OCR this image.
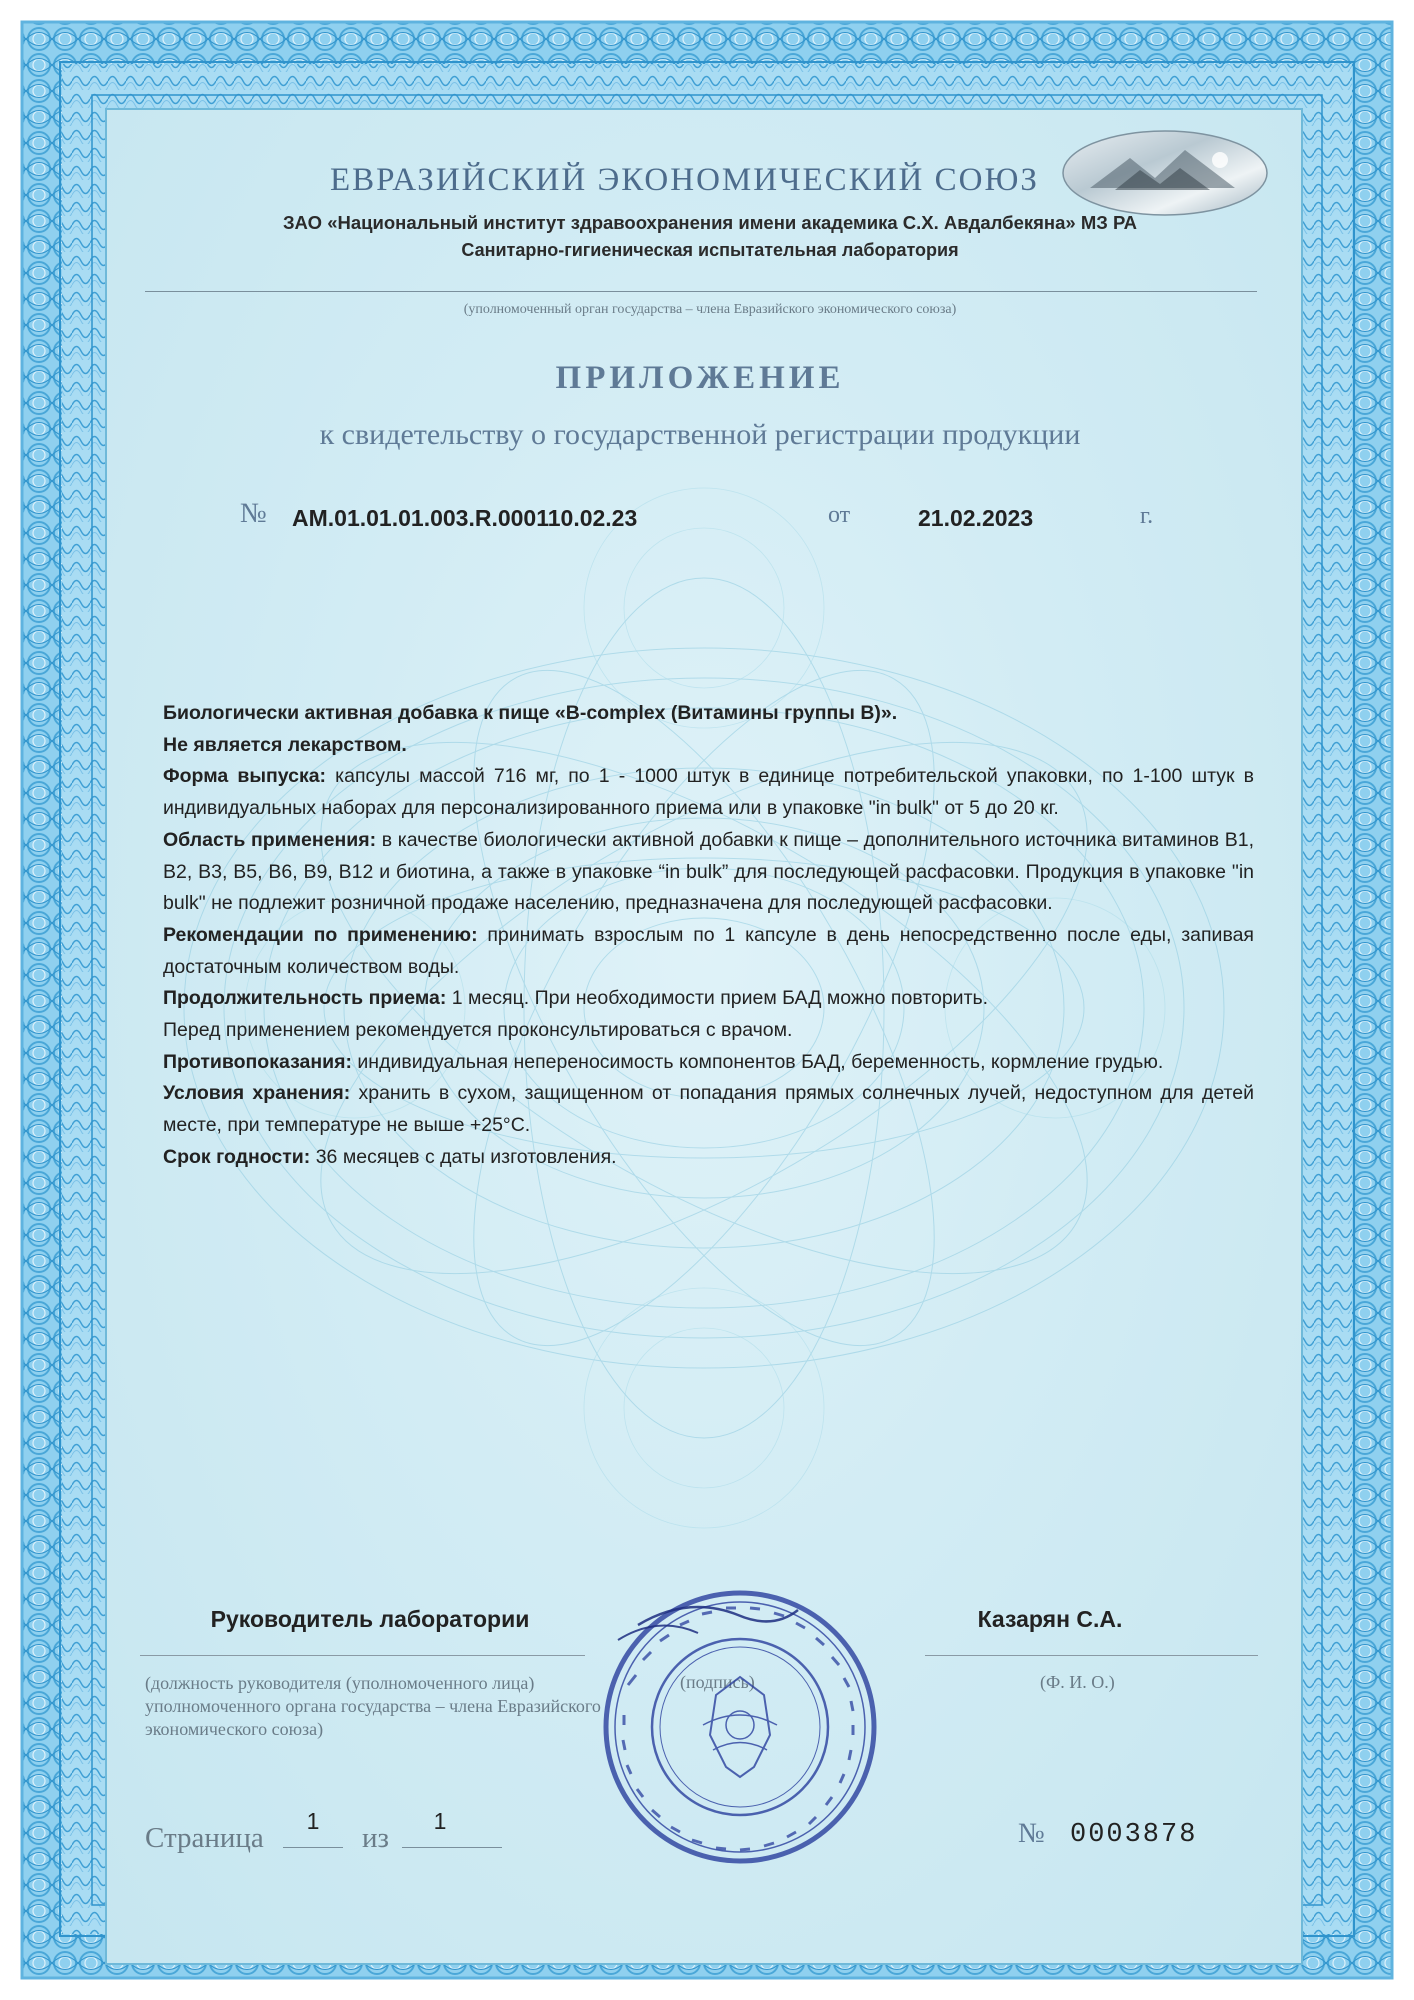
ЕВРАЗИЙСКИЙ ЭКОНОМИЧЕСКИЙ СОЮЗ
ЗАО «Национальный институт здравоохранения имени академика С.Х. Авдалбекяна» МЗ РА
Санитарно-гигиеническая испытательная лаборатория
(уполномоченный орган государства – члена Евразийского экономического союза)
ПРИЛОЖЕНИЕ
к свидетельству о государственной регистрации продукции
№ AM.01.01.01.003.R.000110.02.23	от	21.02.2023	г.

Биологически активная добавка к пище «B-complex (Витамины группы В)».

Не является лекарством.

Форма выпуска: капсулы массой 716 мг, по 1 - 1000 штук в единице потребительской упаковки, по 1-100 штук в индивидуальных наборах для персонализированного приема или в упаковке "in bulk" от 5 до 20 кг.

Область применения: в качестве биологически активной добавки к пище – дополнительного источника витаминов В1, В2, В3, В5, В6, В9, В12 и биотина, а также в упаковке “in bulk” для последующей расфасовки. Продукция в упаковке "in bulk" не подлежит розничной продаже населению, предназначена для последующей расфасовки.

Рекомендации по применению: принимать взрослым по 1 капсуле в день непосредственно после еды, запивая достаточным количеством воды.

Продолжительность приема: 1 месяц. При необходимости прием БАД можно повторить.

Перед применением рекомендуется проконсультироваться с врачом.

Противопоказания: индивидуальная непереносимость компонентов БАД, беременность, кормление грудью.

Условия хранения: хранить в сухом, защищенном от попадания прямых солнечных лучей, недоступном для детей месте, при температуре не выше +25°С.

Срок годности: 36 месяцев с даты изготовления.

Руководитель лаборатории	Казарян С.А.
(должность руководителя (уполномоченного лица) уполномоченного органа государства – члена Евразийского экономического союза)
(подпись)	(Ф. И. О.)
Страница
1
из
1	№ 0003878
